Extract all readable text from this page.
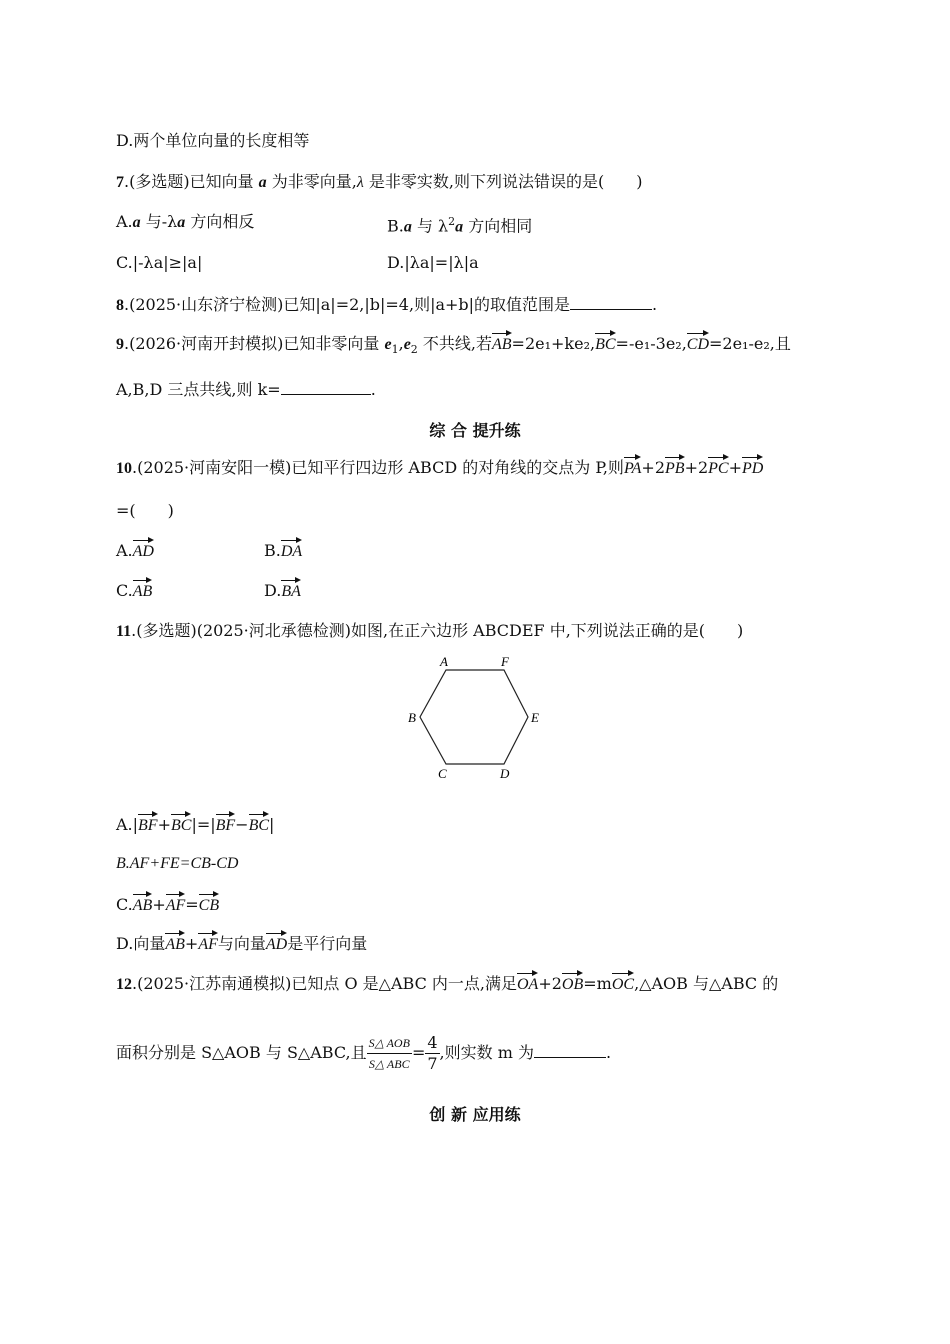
D.两个单位向量的长度相等
7.(多选题)已知向量 a 为非零向量,λ 是非零实数,则下列说法错误的是(　　)
A.a 与-λa 方向相反	B.a 与 $\lambda^2a$ 方向相同
C.|-λa|≥|a|	D.|λa|=|λ|a
8.(2025·山东济宁检测)已知|a|=2,|b|=4,则|a+b|的取值范围是	.
9.(2026·河南开封模拟)已知非零向量 $e_1,e_2$ 不共线,若AB=2e₁+ke₂,BC=-e₁-3e₂,CD=2e₁-e₂,且
A,B,D 三点共线,则 k=	.
综 合 提升练
10.(2025·河南安阳一模)已知平行四边形 ABCD 的对角线的交点为 P,则PA+2PB+2PC+PD
=(　　)
A.AD	B.DA
C.AB	D.BA
11.(多选题)(2025·河北承德检测)如图,在正六边形 ABCDEF 中,下列说法正确的是(　　)
A	F
B	E
C	D
A.|BF+BC|=|BF−BC|
B.AF+FE=CB-CD
C.AB+AF=CB
D.向量AB+AF与向量AD是平行向量
12.(2025·江苏南通模拟)已知点 O 是△ABC 内一点,满足OA+2OB=mOC,△AOB 与△ABC 的
面积分别是 S△AOB 与 S△ABC,且 $\frac{\text{S△ AOB}}{\text{S△ ABC}} = \frac{4}{7}$ ,则实数 m 为	.
创 新 应用练
